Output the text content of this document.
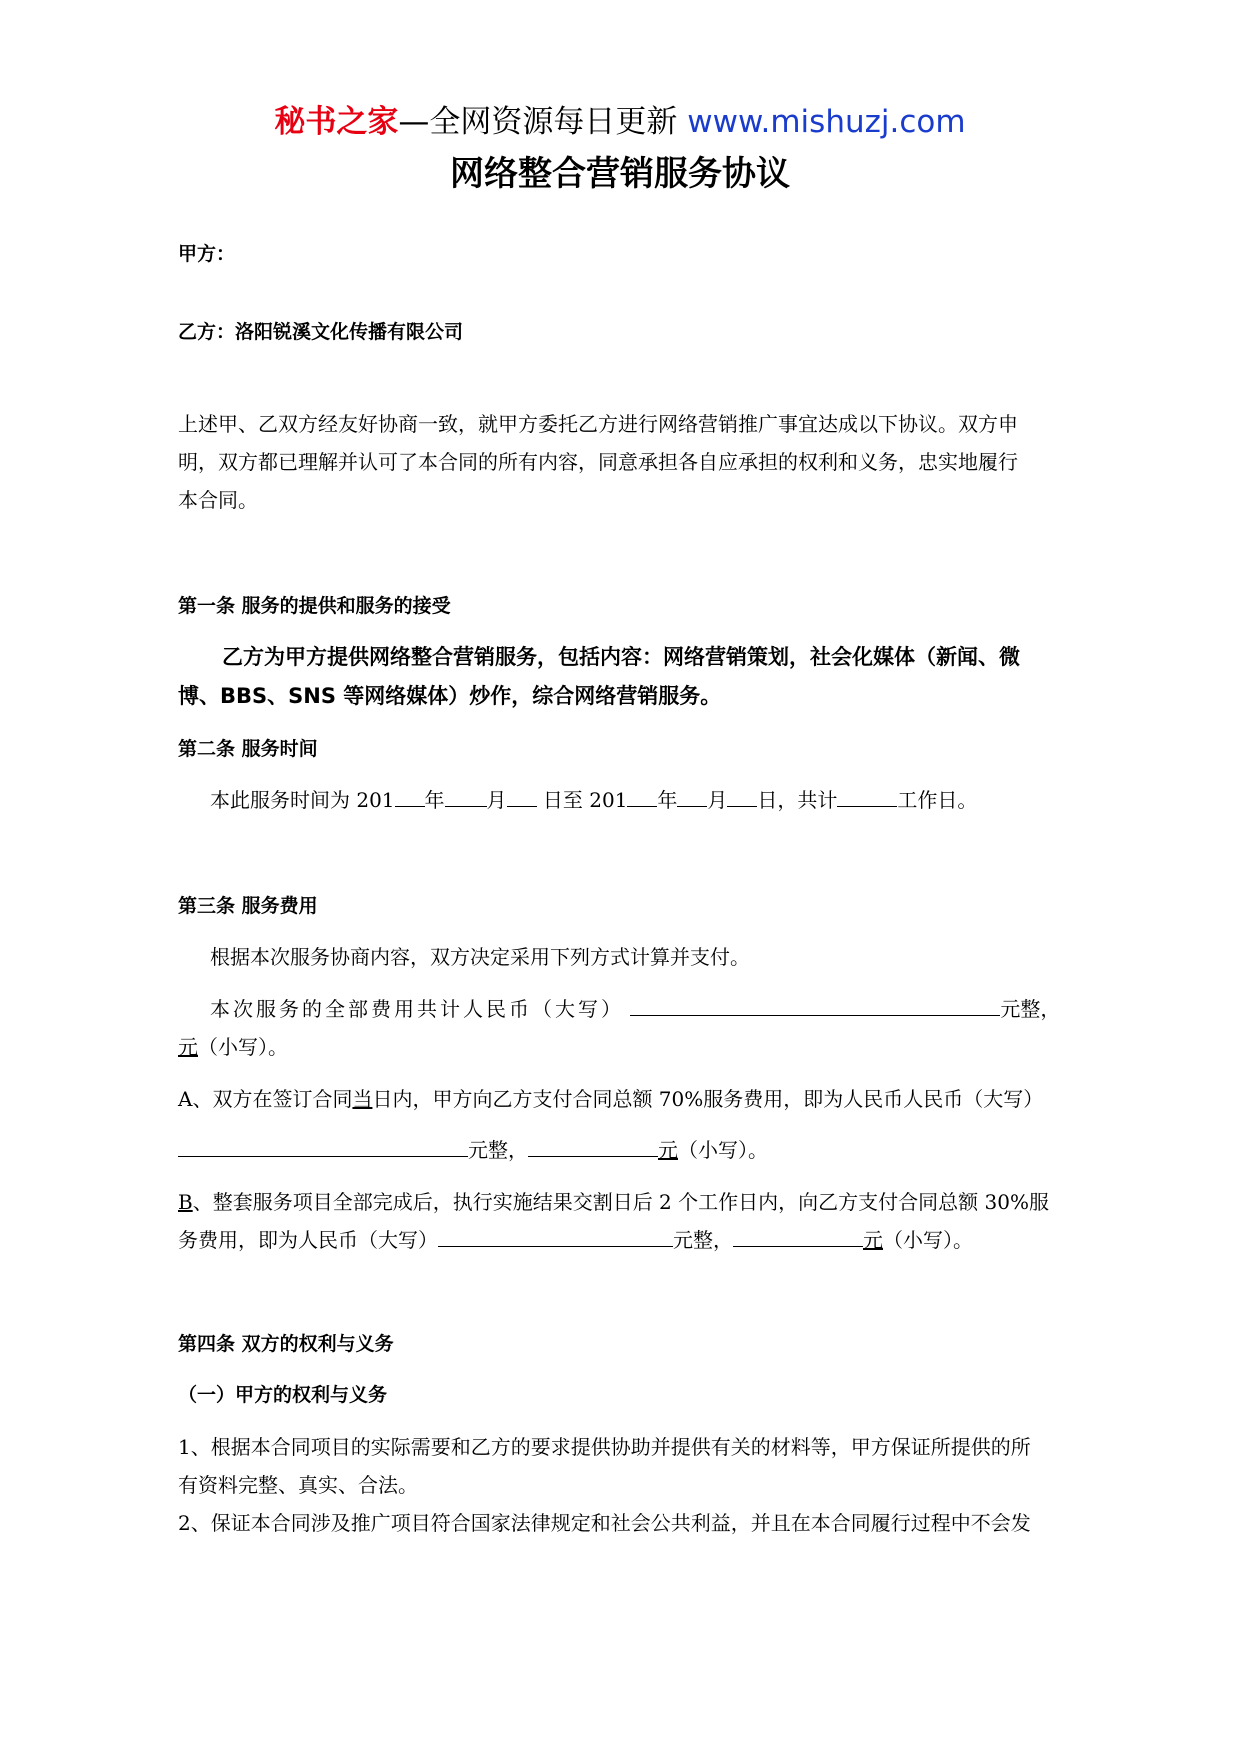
秘书之家—全网资源每日更新 www.mishuzj.com
网络整合营销服务协议
甲方：
乙方：洛阳锐溪文化传播有限公司
上述甲、乙双方经友好协商一致，就甲方委托乙方进行网络营销推广事宜达成以下协议。双方申
明，双方都已理解并认可了本合同的所有内容，同意承担各自应承担的权利和义务，忠实地履行
本合同。
第一条 服务的提供和服务的接受
乙方为甲方提供网络整合营销服务，包括内容：网络营销策划，社会化媒体（新闻、微
博、BBS、SNS 等网络媒体）炒作，综合网络营销服务。
第二条 服务时间
本此服务时间为 201 年 月 日至 201 年 月 日，共计	工作日。
第三条 服务费用
根据本次服务协商内容，双方决定采用下列方式计算并支付。
本次服务的全部费用共计人民币（大写）	元整，
元（小写）。
A、双方在签订合同当日内，甲方向乙方支付合同总额 70%服务费用，即为人民币人民币（大写）
元整，	元（小写）。
B、整套服务项目全部完成后，执行实施结果交割日后 2 个工作日内，向乙方支付合同总额 30%服
务费用，即为人民币（大写）	元整，	元（小写）。
第四条 双方的权利与义务
（一）甲方的权利与义务
1、根据本合同项目的实际需要和乙方的要求提供协助并提供有关的材料等，甲方保证所提供的所
有资料完整、真实、合法。
2、保证本合同涉及推广项目符合国家法律规定和社会公共利益，并且在本合同履行过程中不会发
